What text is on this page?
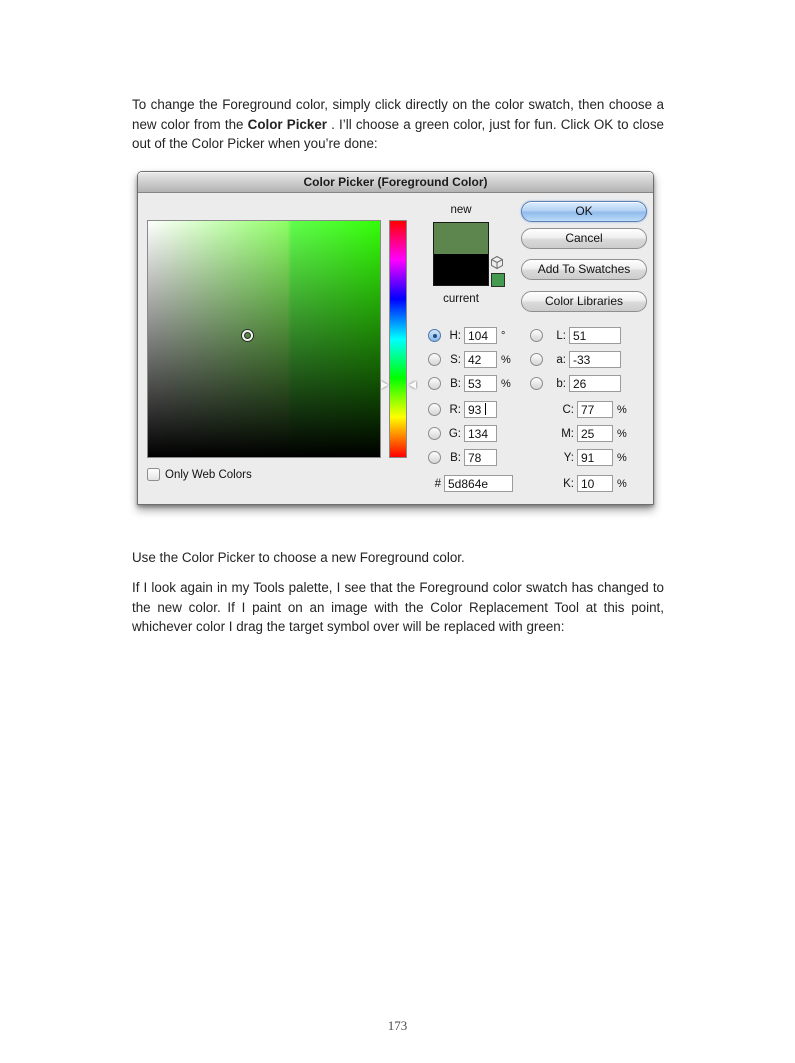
To change the Foreground color, simply click directly on the color swatch, then choose a new color from the Color Picker . I’ll choose a green color, just for fun. Click OK to close out of the Color Picker when you’re done:

Color Picker (Foreground Color)
new
current
OK
Cancel
Add To Swatches
Color Libraries
H:
104	°
S:
42	%
B:
53	%
R:
93
G:
134
B:
78
#
5d864e
L:
51
a:
-33
b:
26
C:
77	%
M:
25	%
Y:
91	%
K:
10	%
Only Web Colors

Use the Color Picker to choose a new Foreground color.

If I look again in my Tools palette, I see that the Foreground color swatch has changed to the new color. If I paint on an image with the Color Replacement Tool at this point, whichever color I drag the target symbol over will be replaced with green:

173
